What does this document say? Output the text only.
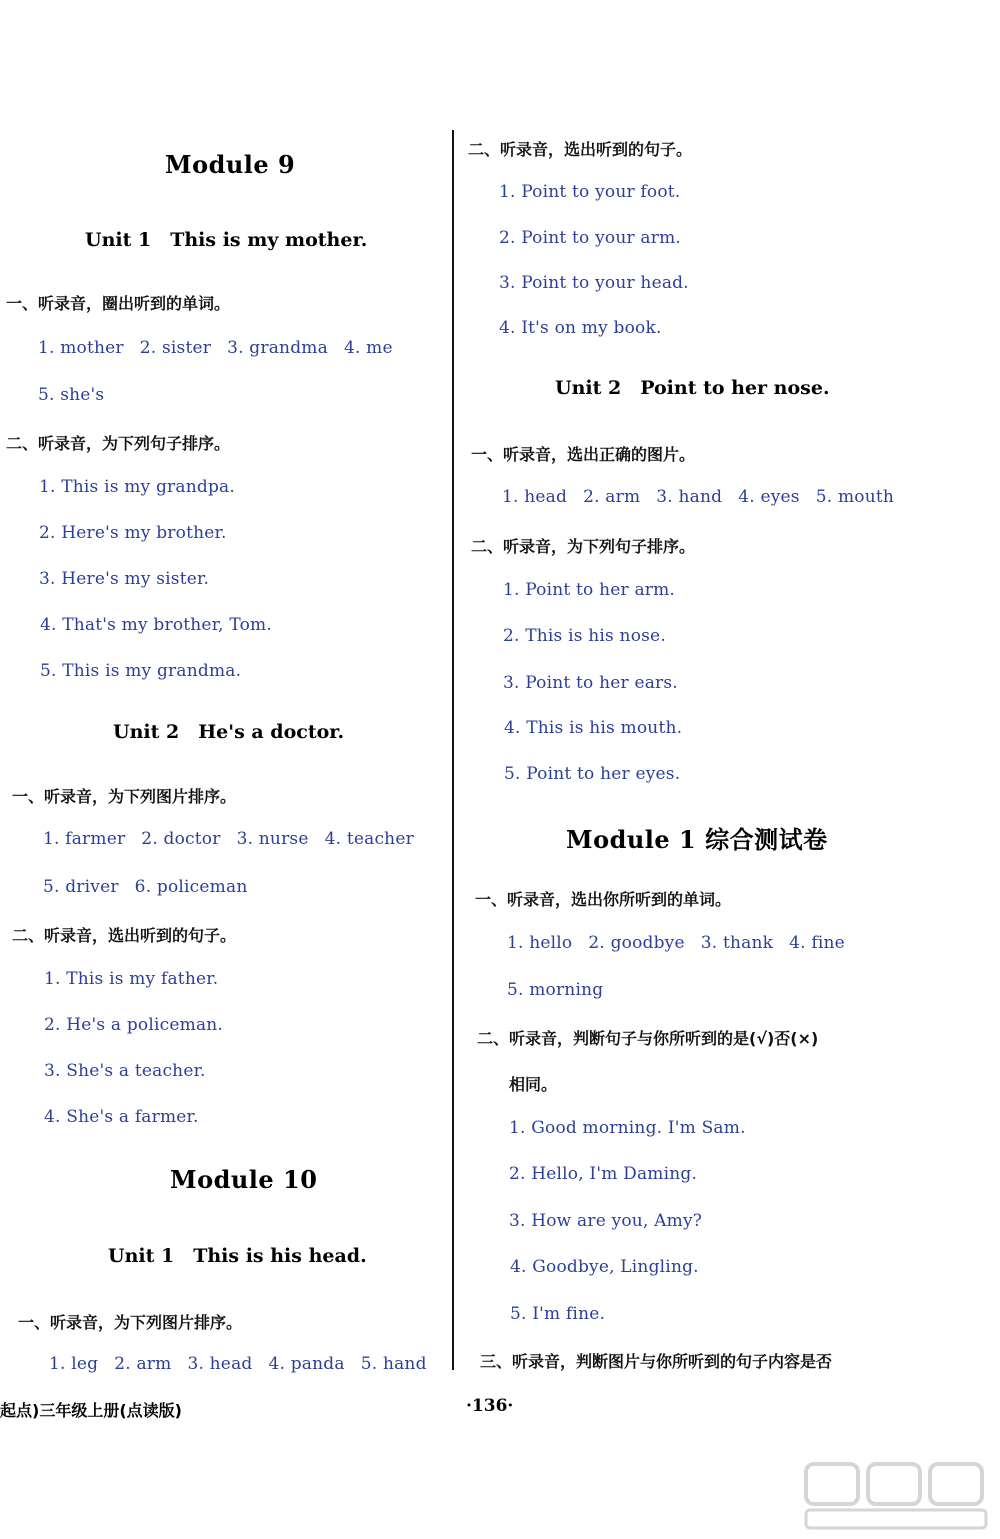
Module 9
Unit 1 This is my mother.
一、听录音，圈出听到的单词。
1. mother 2. sister 3. grandma 4. me
5. she's
二、听录音，为下列句子排序。
1. This is my grandpa.
2. Here's my brother.
3. Here's my sister.
4. That's my brother, Tom.
5. This is my grandma.
Unit 2 He's a doctor.
一、听录音，为下列图片排序。
1. farmer 2. doctor 3. nurse 4. teacher
5. driver 6. policeman
二、听录音，选出听到的句子。
1. This is my father.
2. He's a policeman.
3. She's a teacher.
4. She's a farmer.
Module 10
Unit 1 This is his head.
一、听录音，为下列图片排序。
1. leg 2. arm 3. head 4. panda 5. hand
二、听录音，选出听到的句子。
1. Point to your foot.
2. Point to your arm.
3. Point to your head.
4. It's on my book.
Unit 2 Point to her nose.
一、听录音，选出正确的图片。
1. head 2. arm 3. hand 4. eyes 5. mouth
二、听录音，为下列句子排序。
1. Point to her arm.
2. This is his nose.
3. Point to her ears.
4. This is his mouth.
5. Point to her eyes.
Module 1 综合测试卷
一、听录音，选出你所听到的单词。
1. hello 2. goodbye 3. thank 4. fine
5. morning
二、听录音，判断句子与你所听到的是(√)否(×)
相同。
1. Good morning. I'm Sam.
2. Hello, I'm Daming.
3. How are you, Amy?
4. Goodbye, Lingling.
5. I'm fine.
三、听录音，判断图片与你所听到的句子内容是否
起点)三年级上册(点读版)	·136·
